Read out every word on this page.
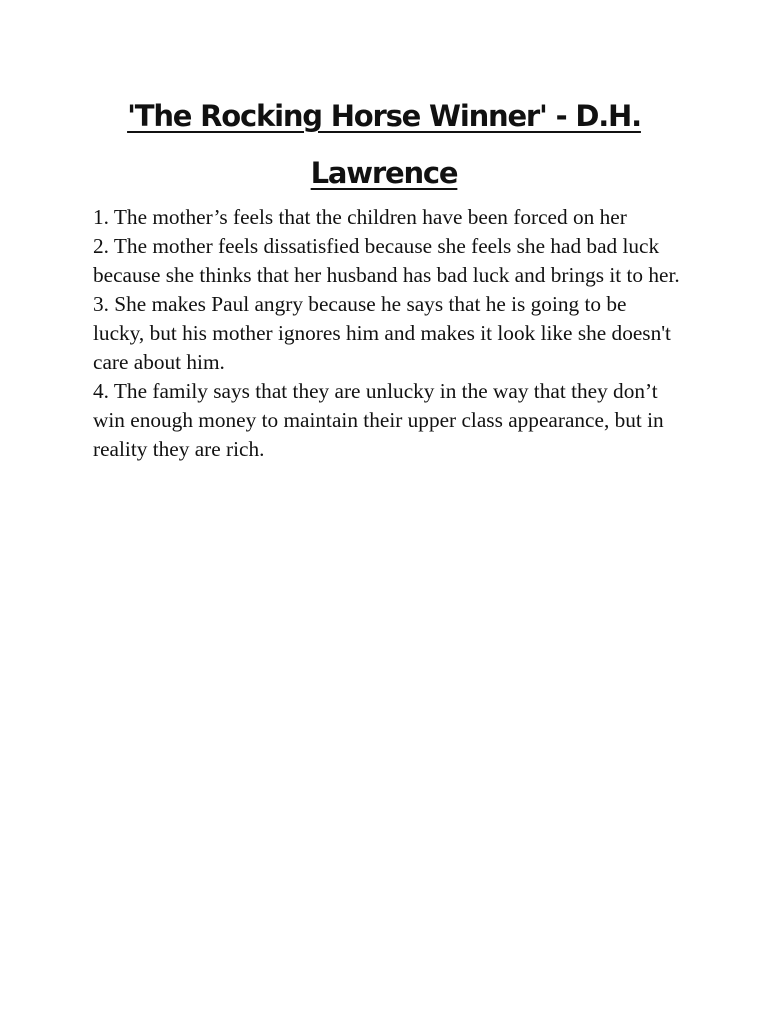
'The Rocking Horse Winner' - D.H.
Lawrence
1. The mother’s feels that the children have been forced on her
2. The mother feels dissatisfied because she feels she had bad luck because she thinks that her husband has bad luck and brings it to her.
3. She makes Paul angry because he says that he is going to be lucky, but his mother ignores him and makes it look like she doesn't care about him.
4. The family says that they are unlucky in the way that they don’t win enough money to maintain their upper class appearance, but in reality they are rich.
